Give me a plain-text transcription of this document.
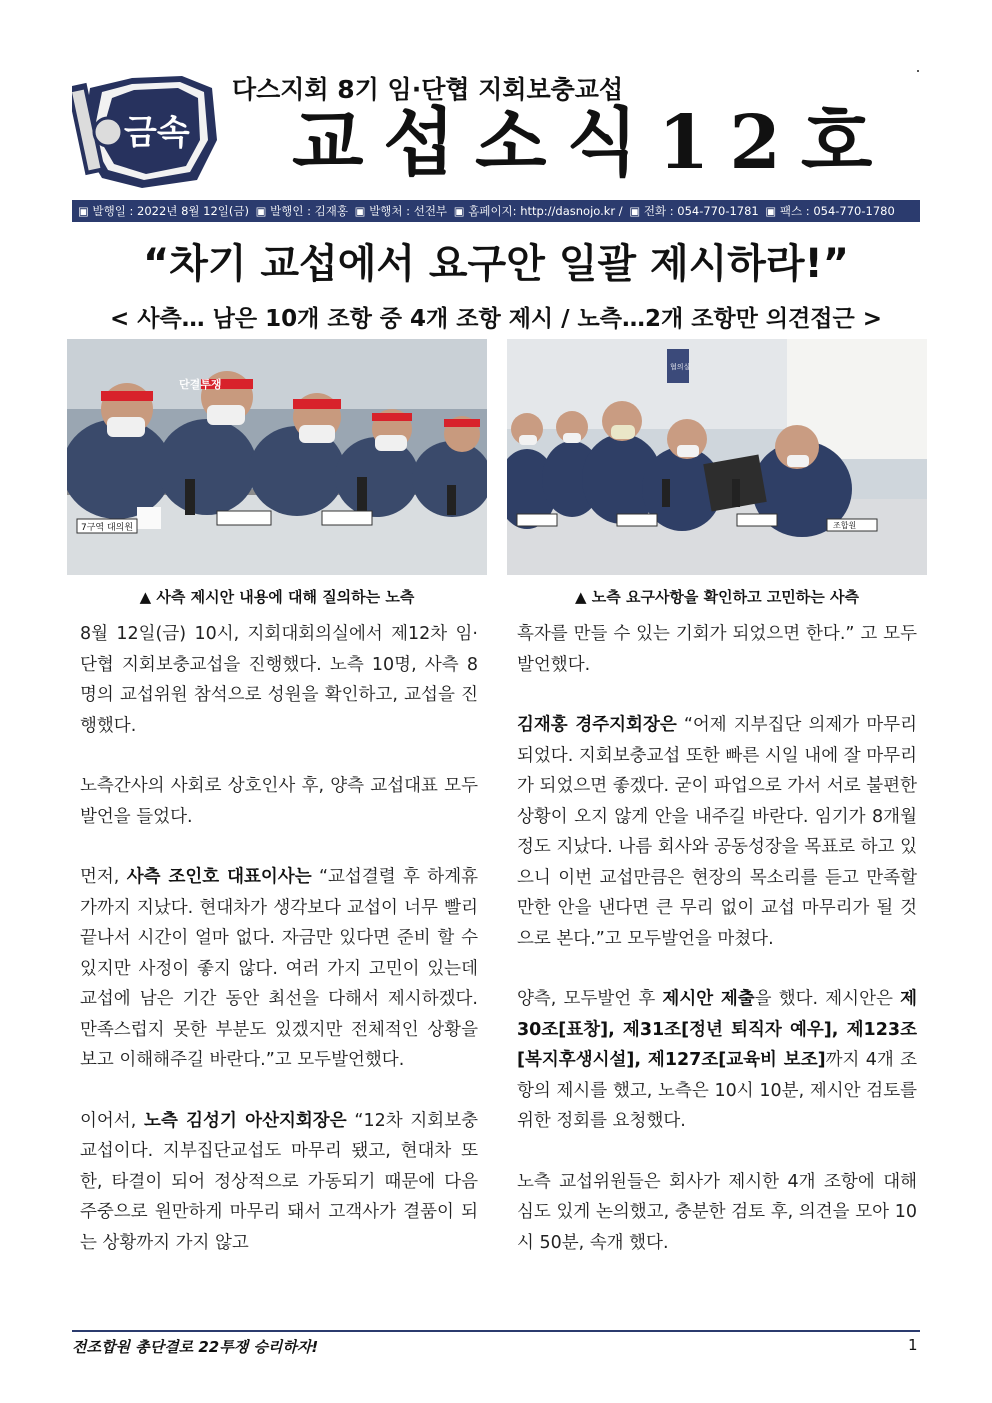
금속
다스지회 8기 임·단협 지회보충교섭
교섭소식12호
▣ 발행일 : 2022년 8월 12일(금) ▣ 발행인 : 김재홍 ▣ 발행처 : 선전부 ▣ 홈페이지: http://dasnojo.kr / ▣ 전화 : 054-770-1781 ▣ 팩스 : 054-770-1780
“차기 교섭에서 요구안 일괄 제시하라!”
< 사측… 남은 10개 조항 중 4개 조항 제시 / 노측…2개 조항만 의견접근 >
단결투쟁
7구역 대의원
협의실
조합원
▲ 사측 제시안 내용에 대해 질의하는 노측	▲ 노측 요구사항을 확인하고 고민하는 사측

8월 12일(금) 10시, 지회대회의실에서 제12차 임·단협 지회보충교섭을 진행했다. 노측 10명, 사측 8명의 교섭위원 참석으로 성원을 확인하고, 교섭을 진행했다.

노측간사의 사회로 상호인사 후, 양측 교섭대표 모두발언을 들었다.

먼저, 사측 조인호 대표이사는 “교섭결렬 후 하계휴가까지 지났다. 현대차가 생각보다 교섭이 너무 빨리 끝나서 시간이 얼마 없다. 자금만 있다면 준비 할 수 있지만 사정이 좋지 않다. 여러 가지 고민이 있는데 교섭에 남은 기간 동안 최선을 다해서 제시하겠다. 만족스럽지 못한 부분도 있겠지만 전체적인 상황을 보고 이해해주길 바란다.”고 모두발언했다.

이어서, 노측 김성기 아산지회장은 “12차 지회보충교섭이다. 지부집단교섭도 마무리 됐고, 현대차 또한, 타결이 되어 정상적으로 가동되기 때문에 다음 주중으로 원만하게 마무리 돼서 고객사가 결품이 되는 상황까지 가지 않고

흑자를 만들 수 있는 기회가 되었으면 한다.” 고 모두발언했다.

김재홍 경주지회장은 “어제 지부집단 의제가 마무리 되었다. 지회보충교섭 또한 빠른 시일 내에 잘 마무리가 되었으면 좋겠다. 굳이 파업으로 가서 서로 불편한 상황이 오지 않게 안을 내주길 바란다. 임기가 8개월 정도 지났다. 나름 회사와 공동성장을 목표로 하고 있으니 이번 교섭만큼은 현장의 목소리를 듣고 만족할 만한 안을 낸다면 큰 무리 없이 교섭 마무리가 될 것으로 본다.”고 모두발언을 마쳤다.

양측, 모두발언 후 제시안 제출을 했다. 제시안은 제30조[표창], 제31조[정년 퇴직자 예우], 제123조[복지후생시설], 제127조[교육비 보조]까지 4개 조항의 제시를 했고, 노측은 10시 10분, 제시안 검토를 위한 정회를 요청했다.

노측 교섭위원들은 회사가 제시한 4개 조항에 대해 심도 있게 논의했고, 충분한 검토 후, 의견을 모아 10시 50분, 속개 했다.

전조합원 총단결로 22투쟁 승리하자!	1
